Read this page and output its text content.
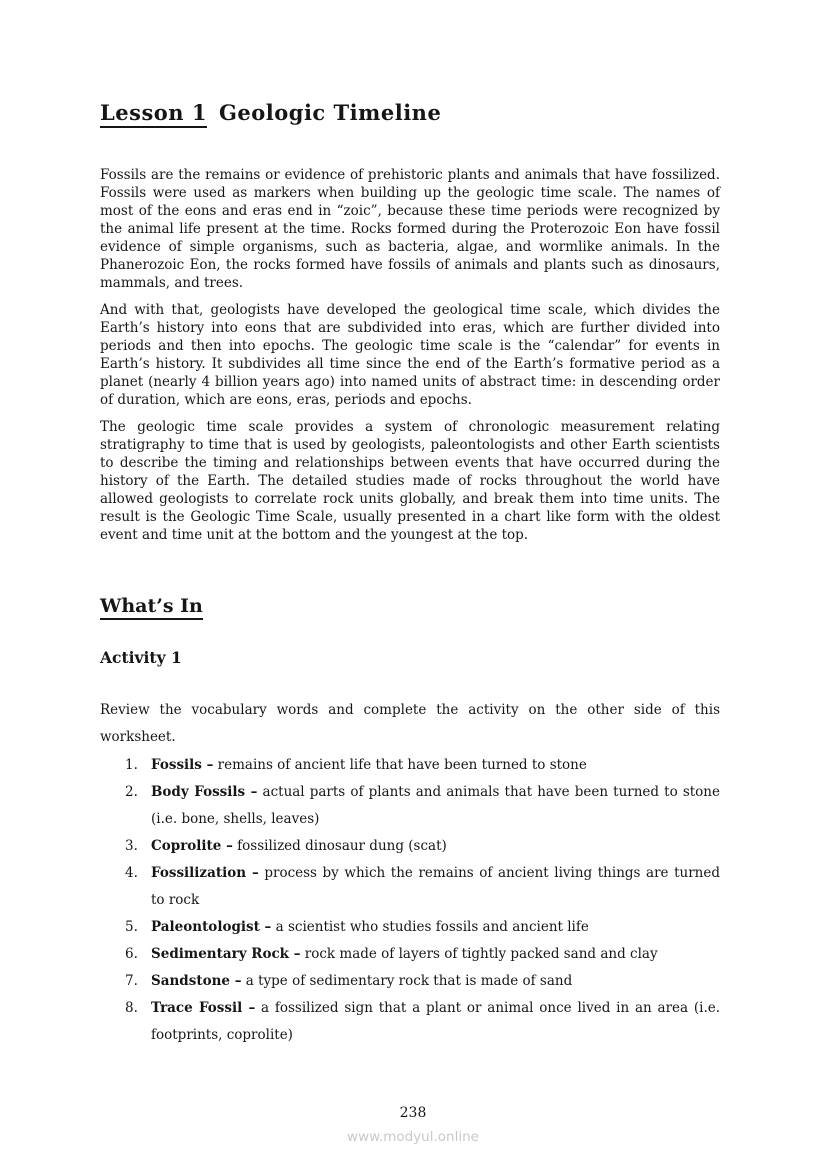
Lesson 1 Geologic Timeline

Fossils are the remains or evidence of prehistoric plants and animals that have fossilized. Fossils were used as markers when building up the geologic time scale. The names of most of the eons and eras end in “zoic”, because these time periods were recognized by the animal life present at the time. Rocks formed during the Proterozoic Eon have fossil evidence of simple organisms, such as bacteria, algae, and wormlike animals. In the Phanerozoic Eon, the rocks formed have fossils of animals and plants such as dinosaurs, mammals, and trees.

And with that, geologists have developed the geological time scale, which divides the Earth’s history into eons that are subdivided into eras, which are further divided into periods and then into epochs. The geologic time scale is the “calendar” for events in Earth’s history. It subdivides all time since the end of the Earth’s formative period as a planet (nearly 4 billion years ago) into named units of abstract time: in descending order of duration, which are eons, eras, periods and epochs.

The geologic time scale provides a system of chronologic measurement relating stratigraphy to time that is used by geologists, paleontologists and other Earth scientists to describe the timing and relationships between events that have occurred during the history of the Earth. The detailed studies made of rocks throughout the world have allowed geologists to correlate rock units globally, and break them into time units. The result is the Geologic Time Scale, usually presented in a chart like form with the oldest event and time unit at the bottom and the youngest at the top.

What’s In
Activity 1

Review the vocabulary words and complete the activity on the other side of this worksheet.

1. Fossils – remains of ancient life that have been turned to stone
2. Body Fossils – actual parts of plants and animals that have been turned to stone (i.e. bone, shells, leaves)
3. Coprolite – fossilized dinosaur dung (scat)
4. Fossilization – process by which the remains of ancient living things are turned to rock
5. Paleontologist – a scientist who studies fossils and ancient life
6. Sedimentary Rock – rock made of layers of tightly packed sand and clay
7. Sandstone – a type of sedimentary rock that is made of sand
8. Trace Fossil – a fossilized sign that a plant or animal once lived in an area (i.e. footprints, coprolite)
238
www.modyul.online
